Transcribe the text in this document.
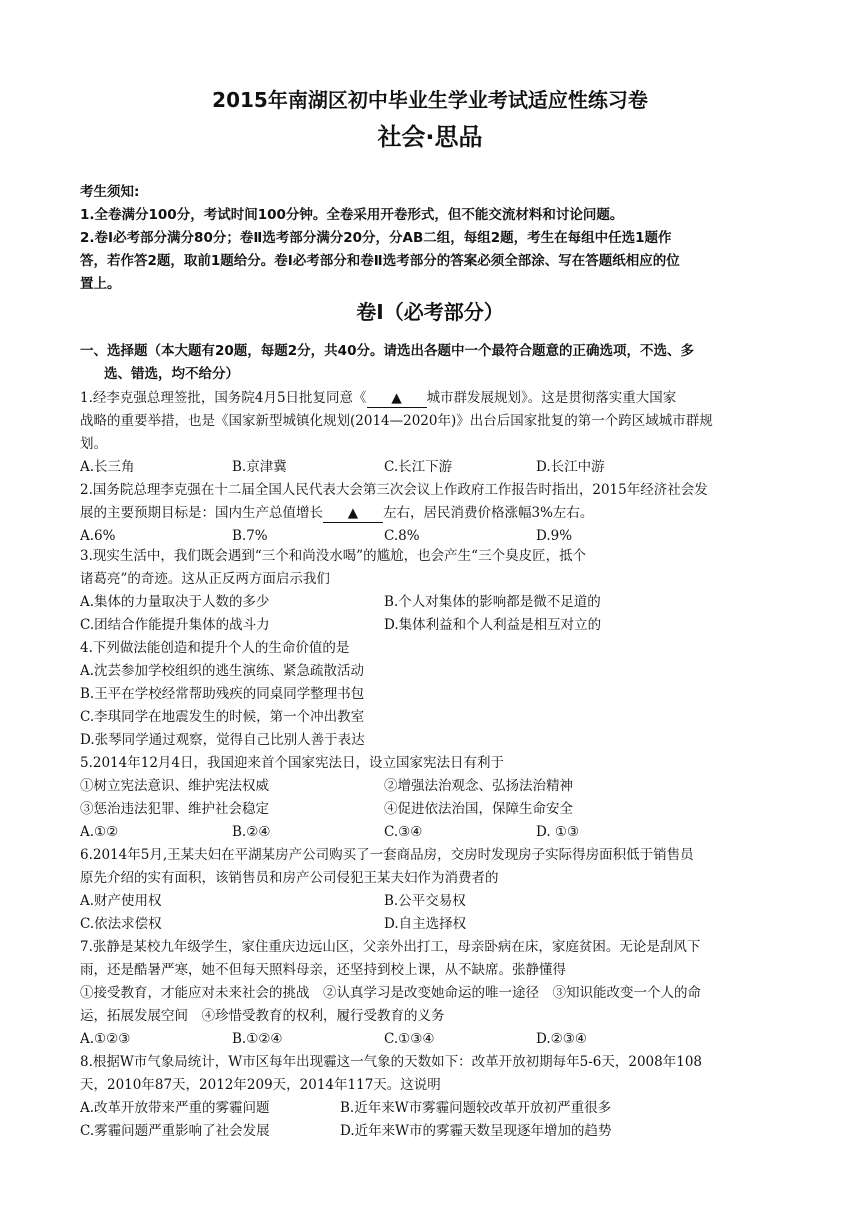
2015年南湖区初中毕业生学业考试适应性练习卷
社会·思品
考生须知:
1.全卷满分100分，考试时间100分钟。全卷采用开卷形式，但不能交流材料和讨论问题。
2.卷Ⅰ必考部分满分80分；卷Ⅱ选考部分满分20分，分AB二组，每组2题，考生在每组中任选1题作
答，若作答2题，取前1题给分。卷Ⅰ必考部分和卷Ⅱ选考部分的答案必须全部涂、写在答题纸相应的位
置上。
卷Ⅰ（必考部分）
一、选择题（本大题有20题，每题2分，共40分。请选出各题中一个最符合题意的正确选项，不选、多
选、错选，均不给分）
1.经李克强总理签批，国务院4月5日批复同意《 ▲ 城市群发展规划》。这是贯彻落实重大国家
战略的重要举措，也是《国家新型城镇化规划(2014—2020年)》出台后国家批复的第一个跨区域城市群规
划。
A.长三角	B.京津冀	C.长江下游	D.长江中游
2.国务院总理李克强在十二届全国人民代表大会第三次会议上作政府工作报告时指出，2015年经济社会发
展的主要预期目标是：国内生产总值增长 ▲ 左右，居民消费价格涨幅3%左右。
A.6%	B.7%	C.8%	D.9%
3.现实生活中，我们既会遇到“三个和尚没水喝”的尴尬，也会产生“三个臭皮匠，抵个
诸葛亮”的奇迹。这从正反两方面启示我们
A.集体的力量取决于人数的多少	B.个人对集体的影响都是微不足道的
C.团结合作能提升集体的战斗力	D.集体利益和个人利益是相互对立的
4.下列做法能创造和提升个人的生命价值的是
A.沈芸参加学校组织的逃生演练、紧急疏散活动
B.王平在学校经常帮助残疾的同桌同学整理书包
C.李琪同学在地震发生的时候，第一个冲出教室
D.张琴同学通过观察，觉得自己比别人善于表达
5.2014年12月4日，我国迎来首个国家宪法日，设立国家宪法日有利于
①树立宪法意识、维护宪法权威	②增强法治观念、弘扬法治精神
③惩治违法犯罪、维护社会稳定	④促进依法治国，保障生命安全
A.①②	B.②④	C.③④	D. ①③
6.2014年5月,王某夫妇在平湖某房产公司购买了一套商品房，交房时发现房子实际得房面积低于销售员
原先介绍的实有面积，该销售员和房产公司侵犯王某夫妇作为消费者的
A.财产使用权	B.公平交易权
C.依法求偿权	D.自主选择权
7.张静是某校九年级学生，家住重庆边远山区，父亲外出打工，母亲卧病在床，家庭贫困。无论是刮风下
雨，还是酷暑严寒，她不但每天照料母亲，还坚持到校上课，从不缺席。张静懂得
①接受教育，才能应对未来社会的挑战　②认真学习是改变她命运的唯一途径　③知识能改变一个人的命
运，拓展发展空间　④珍惜受教育的权利，履行受教育的义务
A.①②③	B.①②④	C.①③④	D.②③④
8.根据W市气象局统计，W市区每年出现霾这一气象的天数如下：改革开放初期每年5-6天，2008年108
天，2010年87天，2012年209天，2014年117天。这说明
A.改革开放带来严重的雾霾问题	B.近年来W市雾霾问题较改革开放初严重很多
C.雾霾问题严重影响了社会发展	D.近年来W市的雾霾天数呈现逐年增加的趋势
